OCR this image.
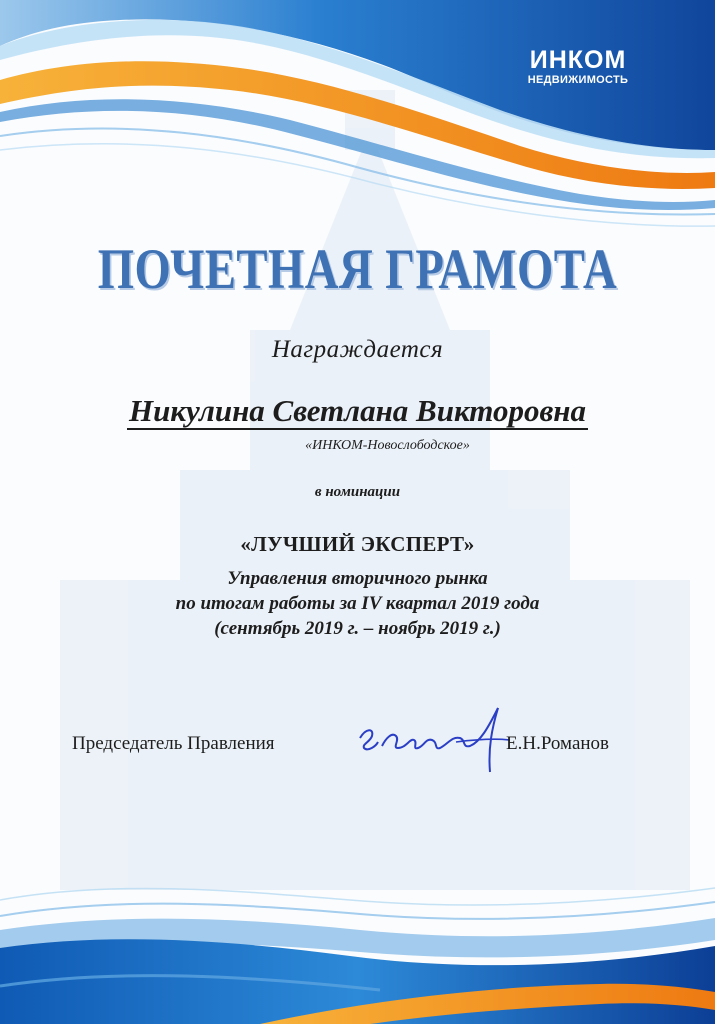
ИНКОМ
НЕДВИЖИМОСТЬ
ПОЧЕТНАЯ ГРАМОТА
Награждается
Никулина Светлана Викторовна
«ИНКОМ-Новослободское»
в номинации
«ЛУЧШИЙ ЭКСПЕРТ»
Управления вторичного рынка
по итогам работы за IV квартал 2019 года
(сентябрь 2019 г. – ноябрь 2019 г.)
Председатель Правления	Е.Н.Романов
